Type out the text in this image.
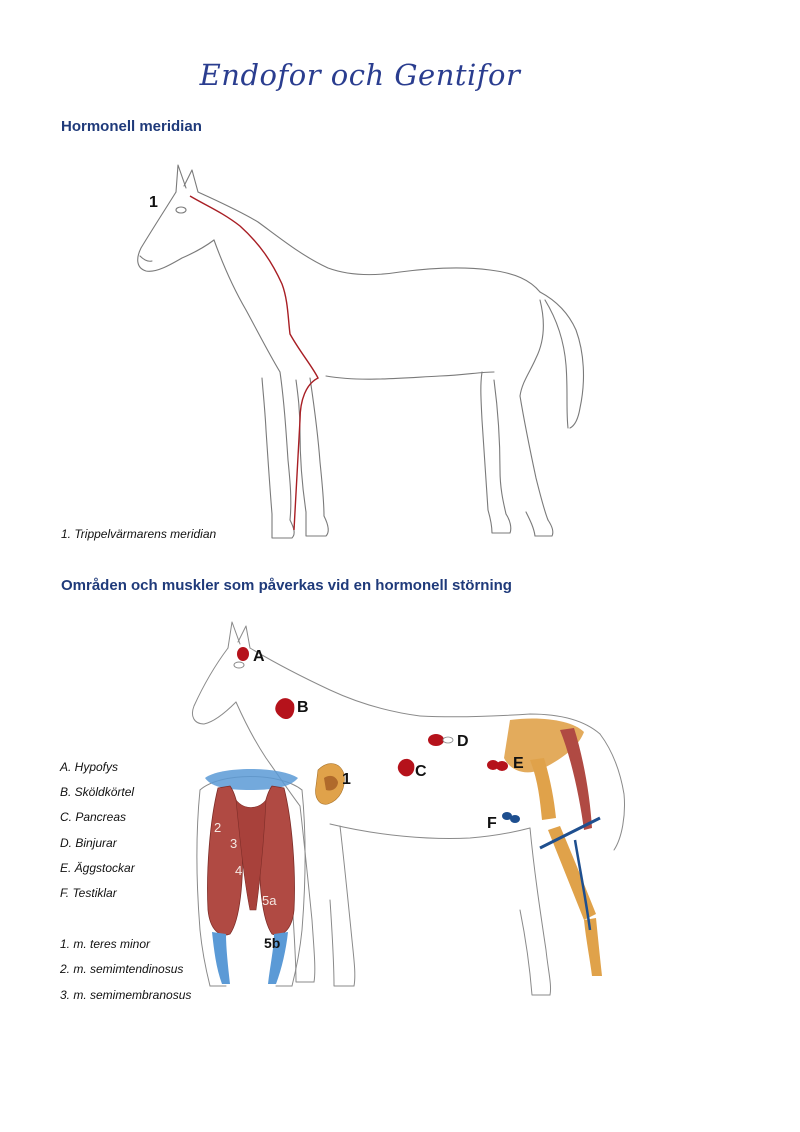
Endofor och Gentifor
Hormonell meridian
1
1. Trippelvärmarens meridian
Områden och muskler som påverkas vid en hormonell störning
A
B
C
D
E
F
1
2
3
4
5a
5b
A. Hypofys
B. Sköldkörtel
C. Pancreas
D. Binjurar
E. Äggstockar
F. Testiklar
1. m. teres minor
2. m. semimtendinosus
3. m. semimembranosus
